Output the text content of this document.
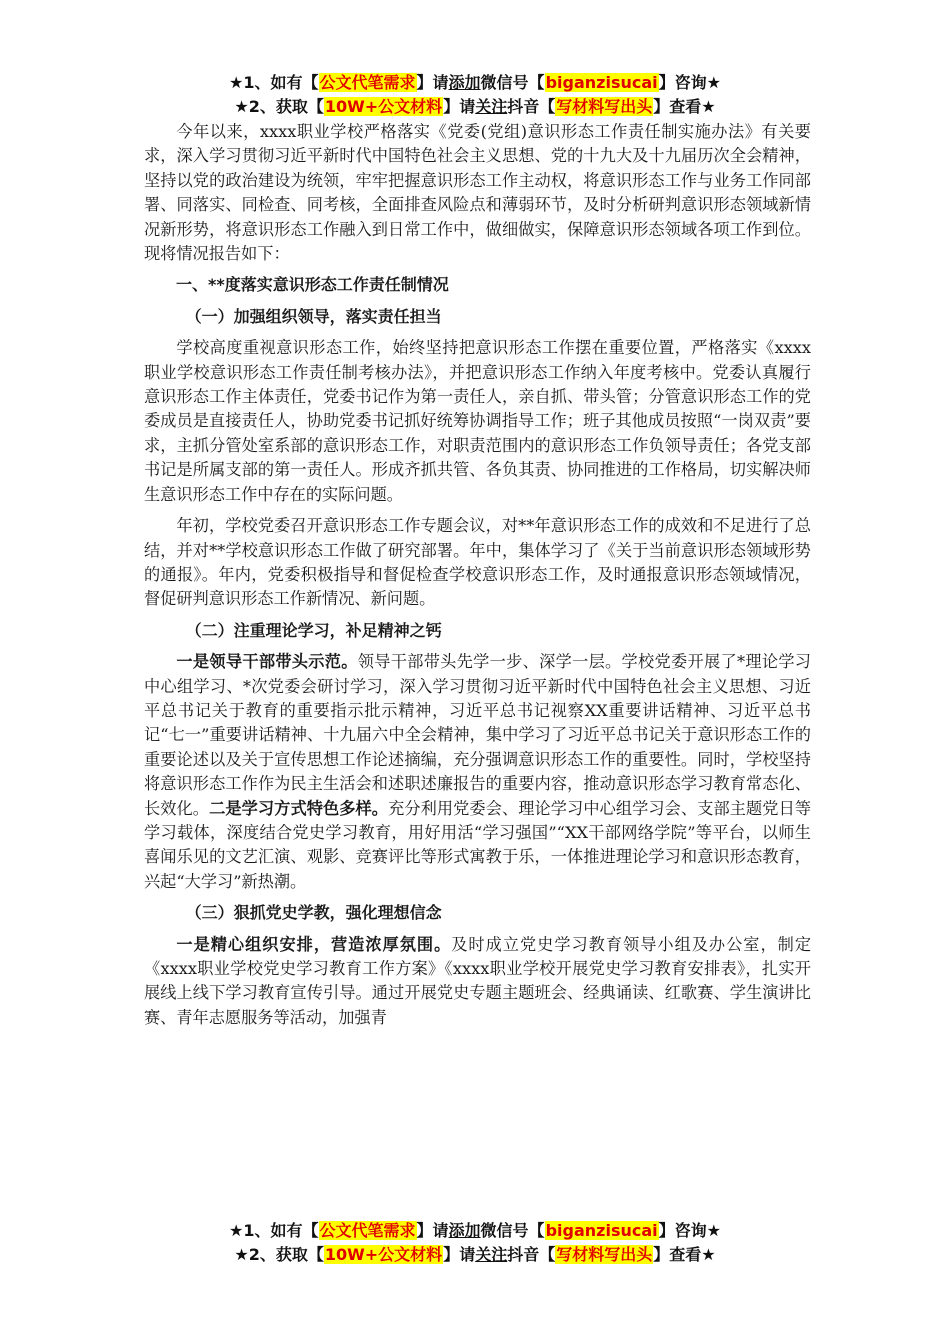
★1、如有【公文代笔需求】请添加微信号【biganzisucai】咨询★
★2、获取【10W+公文材料】请关注抖音【写材料写出头】查看★

今年以来，xxxx职业学校严格落实《党委(党组)意识形态工作责任制实施办法》有关要求，深入学习贯彻习近平新时代中国特色社会主义思想、党的十九大及十九届历次全会精神，坚持以党的政治建设为统领，牢牢把握意识形态工作主动权，将意识形态工作与业务工作同部署、同落实、同检查、同考核，全面排查风险点和薄弱环节，及时分析研判意识形态领域新情况新形势，将意识形态工作融入到日常工作中，做细做实，保障意识形态领域各项工作到位。现将情况报告如下：

一、**度落实意识形态工作责任制情况
（一）加强组织领导，落实责任担当

学校高度重视意识形态工作，始终坚持把意识形态工作摆在重要位置，严格落实《xxxx职业学校意识形态工作责任制考核办法》，并把意识形态工作纳入年度考核中。党委认真履行意识形态工作主体责任，党委书记作为第一责任人，亲自抓、带头管；分管意识形态工作的党委成员是直接责任人，协助党委书记抓好统筹协调指导工作；班子其他成员按照“一岗双责”要求，主抓分管处室系部的意识形态工作，对职责范围内的意识形态工作负领导责任；各党支部书记是所属支部的第一责任人。形成齐抓共管、各负其责、协同推进的工作格局，切实解决师生意识形态工作中存在的实际问题。

年初，学校党委召开意识形态工作专题会议，对**年意识形态工作的成效和不足进行了总结，并对**学校意识形态工作做了研究部署。年中，集体学习了《关于当前意识形态领域形势的通报》。年内，党委积极指导和督促检查学校意识形态工作，及时通报意识形态领域情况，督促研判意识形态工作新情况、新问题。

（二）注重理论学习，补足精神之钙

一是领导干部带头示范。领导干部带头先学一步、深学一层。学校党委开展了*理论学习中心组学习、*次党委会研讨学习，深入学习贯彻习近平新时代中国特色社会主义思想、习近平总书记关于教育的重要指示批示精神，习近平总书记视察XX重要讲话精神、习近平总书记“七一”重要讲话精神、十九届六中全会精神，集中学习了习近平总书记关于意识形态工作的重要论述以及关于宣传思想工作论述摘编，充分强调意识形态工作的重要性。同时，学校坚持将意识形态工作作为民主生活会和述职述廉报告的重要内容，推动意识形态学习教育常态化、长效化。二是学习方式特色多样。充分利用党委会、理论学习中心组学习会、支部主题党日等学习载体，深度结合党史学习教育，用好用活“学习强国”“XX干部网络学院”等平台，以师生喜闻乐见的文艺汇演、观影、竞赛评比等形式寓教于乐，一体推进理论学习和意识形态教育，兴起“大学习”新热潮。

（三）狠抓党史学教，强化理想信念

一是精心组织安排，营造浓厚氛围。及时成立党史学习教育领导小组及办公室，制定《xxxx职业学校党史学习教育工作方案》《xxxx职业学校开展党史学习教育安排表》，扎实开展线上线下学习教育宣传引导。通过开展党史专题主题班会、经典诵读、红歌赛、学生演讲比赛、青年志愿服务等活动，加强青

★1、如有【公文代笔需求】请添加微信号【biganzisucai】咨询★
★2、获取【10W+公文材料】请关注抖音【写材料写出头】查看★
